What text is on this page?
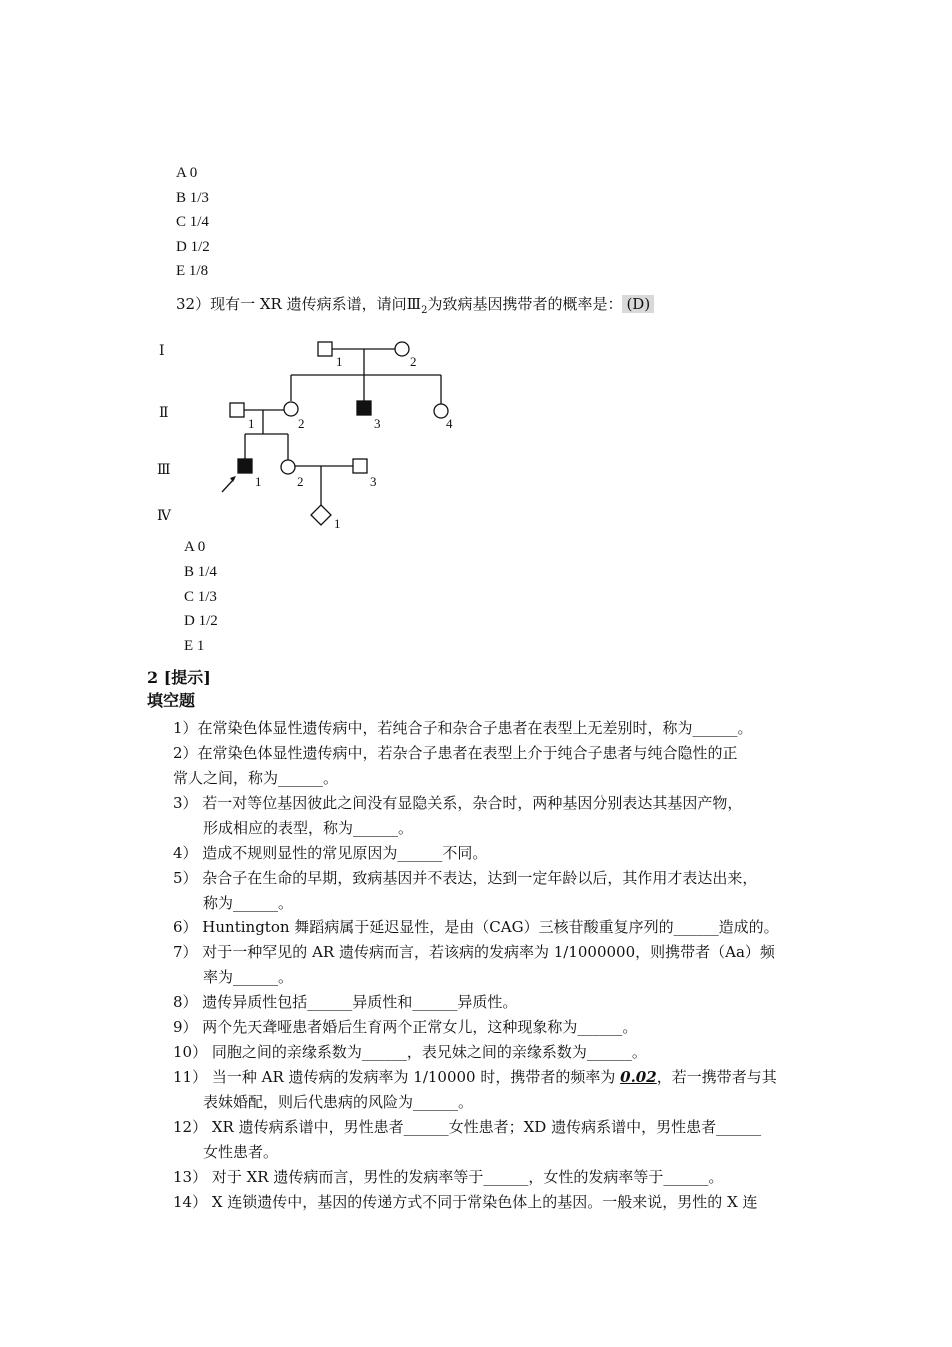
A 0
B 1/3
C 1/4
D 1/2
E 1/8
32）现有一 XR 遗传病系谱，请问$Ⅲ_2$为致病基因携带者的概率是： (D)
Ⅰ
Ⅱ
Ⅲ
Ⅳ
1	2
1	2	3	4
1	2	3
1
A 0
B 1/4
C 1/3
D 1/2
E 1
2 [提示]
填空题
1）在常染色体显性遗传病中，若纯合子和杂合子患者在表型上无差别时，称为______。
2）在常染色体显性遗传病中，若杂合子患者在表型上介于纯合子患者与纯合隐性的正
常人之间，称为______。
3） 若一对等位基因彼此之间没有显隐关系，杂合时，两种基因分别表达其基因产物，
形成相应的表型，称为______。
4） 造成不规则显性的常见原因为______不同。
5） 杂合子在生命的早期，致病基因并不表达，达到一定年龄以后，其作用才表达出来，
称为______。
6） Huntington 舞蹈病属于延迟显性，是由（CAG）三核苷酸重复序列的______造成的。
7） 对于一种罕见的 AR 遗传病而言，若该病的发病率为 1/1000000，则携带者（Aa）频
率为______。
8） 遗传异质性包括______异质性和______异质性。
9） 两个先天聋哑患者婚后生育两个正常女儿，这种现象称为______。
10） 同胞之间的亲缘系数为______，表兄妹之间的亲缘系数为______。
11） 当一种 AR 遗传病的发病率为 1/10000 时，携带者的频率为 0.02，若一携带者与其
表妹婚配，则后代患病的风险为______。
12） XR 遗传病系谱中，男性患者______女性患者；XD 遗传病系谱中，男性患者______
女性患者。
13） 对于 XR 遗传病而言，男性的发病率等于______，女性的发病率等于______。
14） X 连锁遗传中，基因的传递方式不同于常染色体上的基因。一般来说，男性的 X 连
